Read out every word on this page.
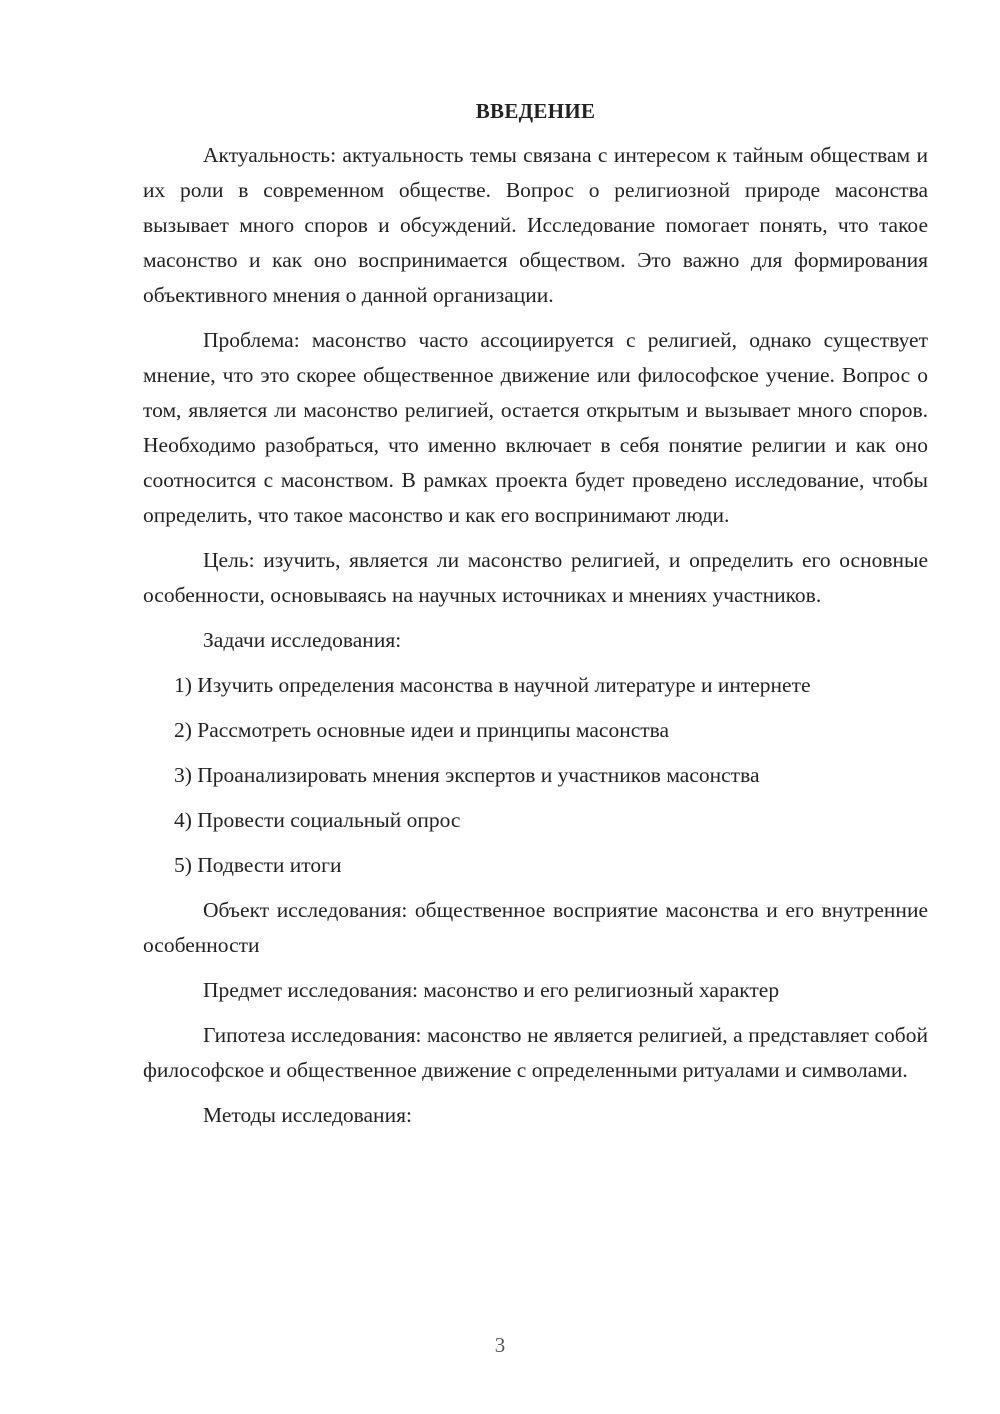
ВВЕДЕНИЕ

Актуальность: актуальность темы связана с интересом к тайным обществам и их роли в современном обществе. Вопрос о религиозной природе масонства вызывает много споров и обсуждений. Исследование помогает понять, что такое масонство и как оно воспринимается обществом. Это важно для формирования объективного мнения о данной организации.

Проблема: масонство часто ассоциируется с религией, однако существует мнение, что это скорее общественное движение или философское учение. Вопрос о том, является ли масонство религией, остается открытым и вызывает много споров. Необходимо разобраться, что именно включает в себя понятие религии и как оно соотносится с масонством. В рамках проекта будет проведено исследование, чтобы определить, что такое масонство и как его воспринимают люди.

Цель: изучить, является ли масонство религией, и определить его основные особенности, основываясь на научных источниках и мнениях участников.

Задачи исследования:

1) Изучить определения масонства в научной литературе и интернете
2) Рассмотреть основные идеи и принципы масонства
3) Проанализировать мнения экспертов и участников масонства
4) Провести социальный опрос
5) Подвести итоги

Объект исследования: общественное восприятие масонства и его внутренние особенности

Предмет исследования: масонство и его религиозный характер

Гипотеза исследования: масонство не является религией, а представляет собой философское и общественное движение с определенными ритуалами и символами.

Методы исследования:

3
